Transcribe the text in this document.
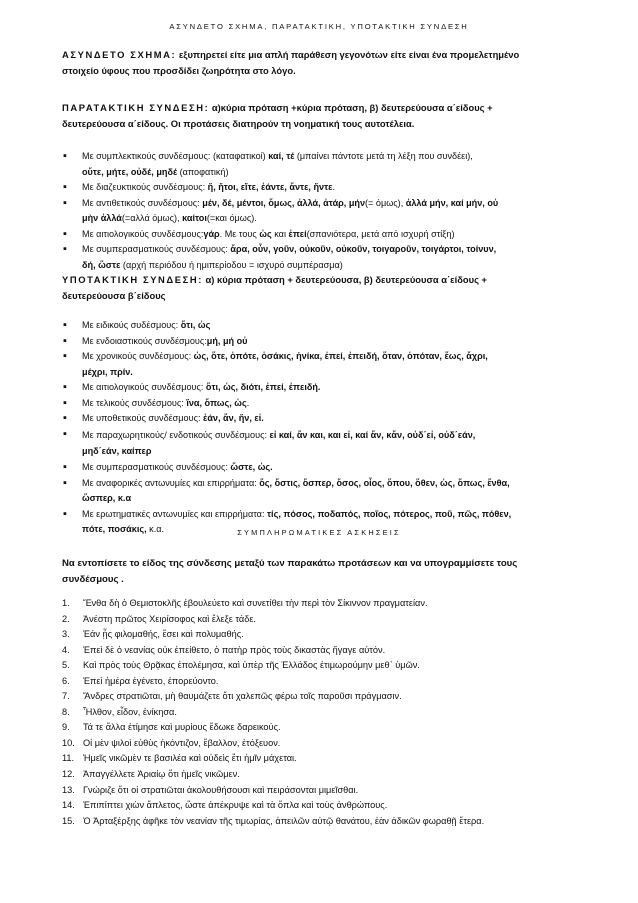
ΑΣΥΝΔΕΤΟ ΣΧΗΜΑ, ΠΑΡΑΤΑΚΤΙΚΗ, ΥΠΟΤΑΚΤΙΚΗ ΣΥΝΔΕΣΗ
ΑΣΥΝΔΕΤΟ ΣΧΗΜΑ: εξυπηρετεί είτε μια απλή παράθεση γεγονότων είτε είναι ένα προμελετημένο
στοιχείο ύφους που προσδίδει ζωηρότητα στο λόγο.
ΠΑΡΑΤΑΚΤΙΚΗ ΣΥΝΔΕΣΗ: α)κύρια πρόταση +κύρια πρόταση, β) δευτερεύουσα α΄είδους +
δευτερεύουσα α΄είδους. Οι προτάσεις διατηρούν τη νοηματική τους αυτοτέλεια.
▪ Με συμπλεκτικούς συνδέσμους: (καταφατικοί) καί, τέ (μπαίνει πάντοτε μετά τη λέξη που συνδέει),
οὔτε, μήτε, οὐδέ, μηδέ (αποφατική)
▪ Με διαζευκτικούς συνδέσμους: ἤ, ἤτοι, εἴτε, ἐάντε, ἄντε, ἤντε.
▪ Με αντιθετικούς συνδέσμους: μέν, δέ, μέντοι, ὅμως, ἀλλά, ἀτάρ, μήν(= όμως), ἀλλά μήν, καί μήν, οὐ
μὴν ἀλλά(=αλλά όμως), καίτοι(=και όμως).
▪ Με αιτιολογικούς συνδέσμους:γάρ. Με τους ὡς και ἐπεί(σπανιότερα, μετά από ισχυρή στίξη)
▪ Με συμπερασματικούς συνδέσμους: ἄρα, οὖν, γοῦν, οὐκοῦν, οὐκοῦν, τοιγαροῦν, τοιγάρτοι, τοίνυν,
δή, ὥστε (αρχή περιόδου ή ημιπερίοδου = ισχυρό συμπέρασμα)
ΥΠΟΤΑΚΤΙΚΗ ΣΥΝΔΕΣΗ: α) κύρια πρόταση + δευτερεύουσα, β) δευτερεύουσα α΄είδους +
δευτερεύουσα β΄είδους
▪ Με ειδικούς συδέσμους: ὅτι, ὡς
▪ Με ενδοιαστικούς συνδέσμους:μή, μή οὐ
▪ Με χρονικούς συνδέσμους: ὡς, ὅτε, ὁπότε, ὁσάκις, ἡνίκα, ἐπεί, ἐπειδή, ὅταν, ὁπόταν, ἕως, ἄχρι,
μέχρι, πρίν.
▪ Με αιτιολογικούς συνδέσμους: ὅτι, ὡς, διότι, ἐπεί, ἐπειδή.
▪ Με τελικούς συνδέσμους: ἵνα, ὅπως, ὡς.
▪ Με υποθετικούς συνδέσμους: ἐάν, ἄν, ἤν, εἰ.
▪ Με παραχωρητικούς/ ενδοτικούς συνδέσμους: εἰ καί, ἄν και, και εἰ, καί ἄν, κἄν, οὐδ΄εἰ, οὐδ΄εάν,
μηδ΄εάν, καίπερ
▪ Με συμπερασματικούς συνδέσμους: ὥστε, ὡς.
▪ Με αναφορικές αντωνυμίες και επιρρήματα: ὅς, ὅστις, ὅσπερ, ὅσος, οἷος, ὅπου, ὅθεν, ὡς, ὅπως, ἔνθα,
ὥσπερ, κ.α
▪ Με ερωτηματικές αντωνυμίες και επιρρήματα: τίς, πόσος, ποδαπός, ποῖος, πότερος, ποῦ, πῶς, πόθεν,
πότε, ποσάκις, κ.α.	ΣΥΜΠΛΗΡΩΜΑΤΙΚΕΣ ΑΣΚΗΣΕΙΣ
Να εντοπίσετε το είδος της σύνδεσης μεταξύ των παρακάτω προτάσεων και να υπογραμμίσετε τους
συνδέσμους .
1.	Ἔνθα δὴ ὁ Θεμιστοκλῆς ἐβουλεύετο καὶ συνετίθει τὴν περὶ τὸν Σίκιννον πραγματείαν.
2.	Ἀνέστη πρῶτος Χειρίσοφος καὶ ἔλεξε τάδε.
3.	Ἐάν ᾖς φιλομαθής, ἔσει καὶ πολυμαθής.
4.	Ἐπεὶ δὲ ὁ νεανίας οὐκ ἐπείθετο, ὁ πατὴρ πρὸς τοὺς δικαστὰς ἤγαγε αὐτόν.
5.	Καὶ πρὸς τοὺς Θρᾷκας ἐπολέμησα, καὶ ὑπὲρ τῆς Ἑλλάδος ἐτιμωρούμην μεθ᾽ ὑμῶν.
6.	Ἐπεὶ ἡμέρα ἐγένετο, ἐπορεύοντο.
7.	Ἄνδρες στρατιῶται, μὴ θαυμάζετε ὅτι χαλεπῶς φέρω τοῖς παροῦσι πράγμασιν.
8.	Ἦλθον, εἶδον, ἐνίκησα.
9.	Τά τε ἄλλα ἐτίμησε καὶ μυρίους ἔδωκε δαρεικούς.
10. Οἱ μὲν ψιλοὶ εὐθὺς ἠκόντιζον, ἔβαλλον, ἐτόξευον.
11. Ἡμεῖς νικῶμὲν τε βασιλέα καὶ οὐδεὶς ἔτι ἡμῖν μάχεται.
12. Ἀπαγγέλλετε Ἀριαίῳ ὅτι ἡμεῖς νικῶμεν.
13. Γνώριζε ὅτι οἱ στρατιῶται ἀκολουθήσουσι καὶ πειράσονται μιμεῖσθαι.
14. Ἐπιπίπτει χιὼν ἄπλετος, ὥστε ἀπέκρυψε καὶ τὰ ὅπλα καὶ τοὺς ἀνθρώπους.
15. Ὁ Ἀρταξέρξης ἀφῆκε τὸν νεανίαν τῆς τιμωρίας, ἀπειλῶν αὐτῷ θανάτου, ἐὰν ἀδικῶν φωραθῇ ἔτερα.
